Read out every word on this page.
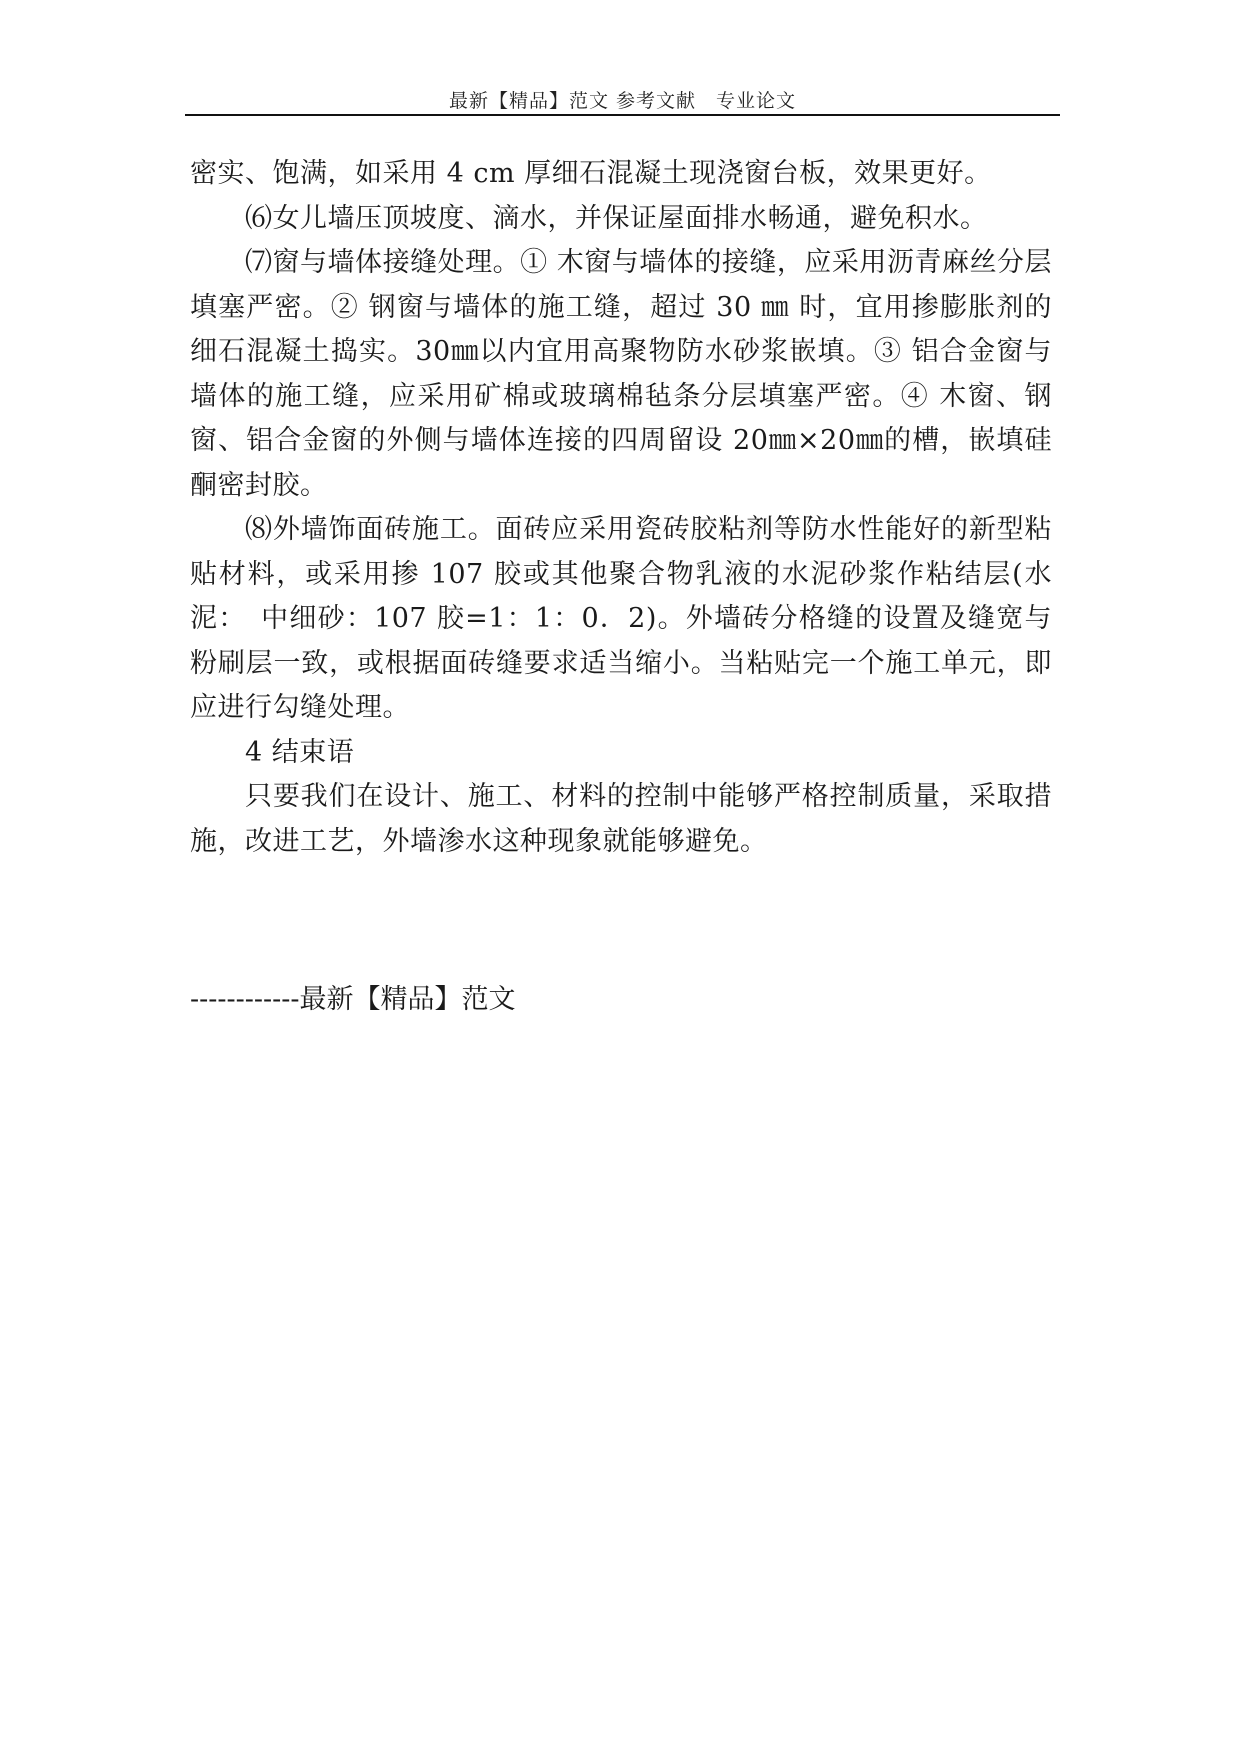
最新【精品】范文 参考文献　专业论文

密实、饱满，如采用 4 cm 厚细石混凝土现浇窗台板，效果更好。

⑹女儿墙压顶坡度、滴水，并保证屋面排水畅通，避免积水。

⑺窗与墙体接缝处理。① 木窗与墙体的接缝，应采用沥青麻丝分层填塞严密。② 钢窗与墙体的施工缝，超过 30 ㎜ 时，宜用掺膨胀剂的细石混凝土捣实。30㎜以内宜用高聚物防水砂浆嵌填。③ 铝合金窗与墙体的施工缝，应采用矿棉或玻璃棉毡条分层填塞严密。④ 木窗、钢窗、铝合金窗的外侧与墙体连接的四周留设 20㎜×20㎜的槽，嵌填硅酮密封胶。

⑻外墙饰面砖施工。面砖应采用瓷砖胶粘剂等防水性能好的新型粘贴材料，或采用掺 107 胶或其他聚合物乳液的水泥砂浆作粘结层(水泥：　中细砂：107 胶=1：1：0．2)。外墙砖分格缝的设置及缝宽与粉刷层一致，或根据面砖缝要求适当缩小。当粘贴完一个施工单元，即应进行勾缝处理。

4 结束语

只要我们在设计、施工、材料的控制中能够严格控制质量，采取措施，改进工艺，外墙渗水这种现象就能够避免。

------------最新【精品】范文
